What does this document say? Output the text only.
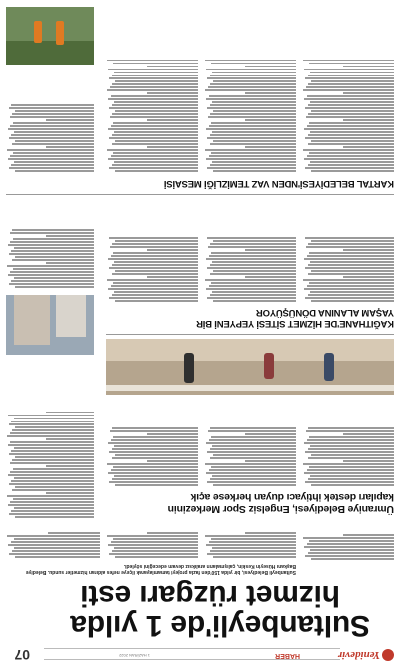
Yenidevir
HABER
1 HAZİRAN 2022
07
Sultanbeyli'de 1 yılda
hizmet rüzgarı esti
Sultanbeyli Belediyesi, bir yılda 150'den fazla projeyi tamamlayarak ilçeye nefes aldıran hizmetler sundu. Belediye Başkanı Hüseyin Keskin, çalışmaların aralıksız devam edeceğini söyledi.
Ümraniye Belediyesi, Engelsiz Spor Merkezinin
kapıları destek ihtiyacı duyan herkese açık
KAĞITHANE'DE HİZMET SİTESİ YEPYENİ BİR
YAŞAM ALANINA DÖNÜŞÜYOR
KARTAL BELEDİYESİ'NDEN VAZ TEMİZLİĞİ MESAİSİ
